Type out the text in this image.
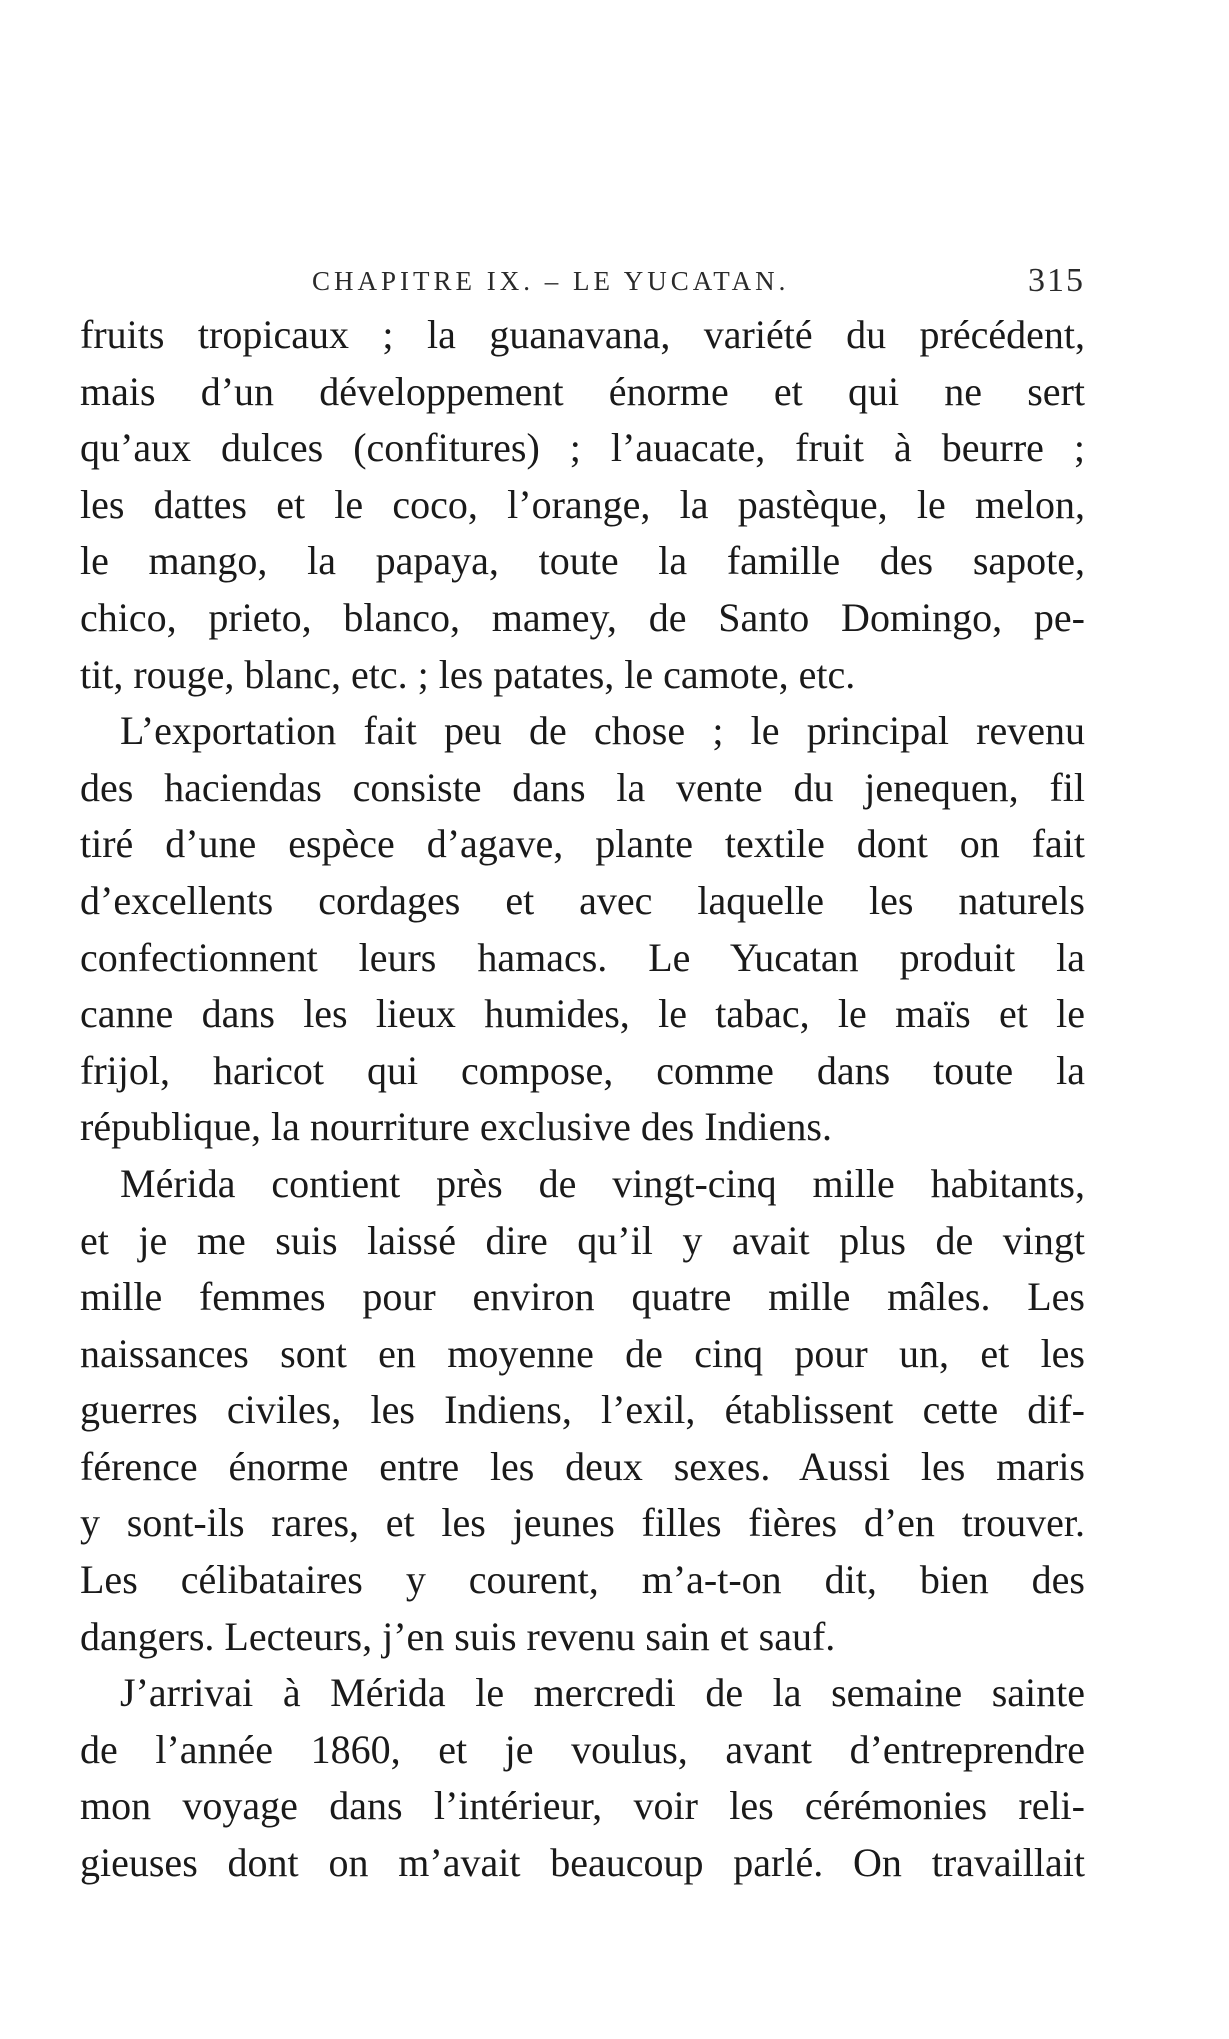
CHAPITRE IX. – LE YUCATAN.	315
fruits tropicaux ; la guanavana, variété du précédent,
mais d’un développement énorme et qui ne sert
qu’aux dulces (confitures) ; l’auacate, fruit à beurre ;
les dattes et le coco, l’orange, la pastèque, le melon,
le mango, la papaya, toute la famille des sapote,
chico, prieto, blanco, mamey, de Santo Domingo, pe-
tit, rouge, blanc, etc. ; les patates, le camote, etc.
L’exportation fait peu de chose ; le principal revenu
des haciendas consiste dans la vente du jenequen, fil
tiré d’une espèce d’agave, plante textile dont on fait
d’excellents cordages et avec laquelle les naturels
confectionnent leurs hamacs. Le Yucatan produit la
canne dans les lieux humides, le tabac, le maïs et le
frijol, haricot qui compose, comme dans toute la
république, la nourriture exclusive des Indiens.
Mérida contient près de vingt-cinq mille habitants,
et je me suis laissé dire qu’il y avait plus de vingt
mille femmes pour environ quatre mille mâles. Les
naissances sont en moyenne de cinq pour un, et les
guerres civiles, les Indiens, l’exil, établissent cette dif-
férence énorme entre les deux sexes. Aussi les maris
y sont-ils rares, et les jeunes filles fières d’en trouver.
Les célibataires y courent, m’a-t-on dit, bien des
dangers. Lecteurs, j’en suis revenu sain et sauf.
J’arrivai à Mérida le mercredi de la semaine sainte
de l’année 1860, et je voulus, avant d’entreprendre
mon voyage dans l’intérieur, voir les cérémonies reli-
gieuses dont on m’avait beaucoup parlé. On travaillait
